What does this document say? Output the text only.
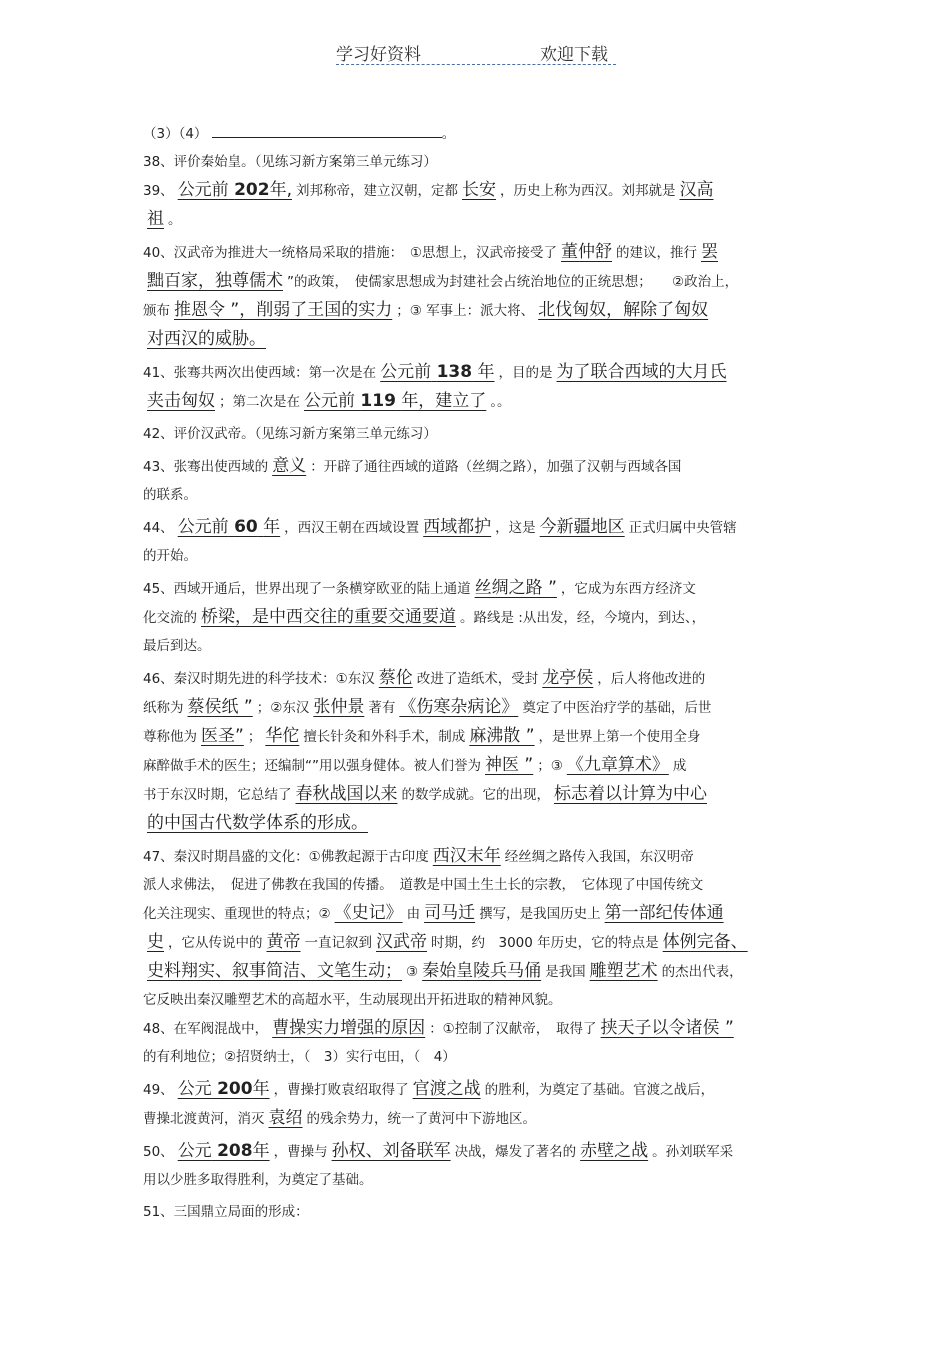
学习好资料	欢迎下载

（3）（4）	。

38、评价秦始皇。（见练习新方案第三单元练习）

39、 公元前 202年, 刘邦称帝，建立汉朝，定都 长安 ，历史上称为西汉。刘邦就是 汉高
祖 。

40、汉武帝为推进大一统格局采取的措施：　①思想上，汉武帝接受了 董仲舒 的建议，推行 罢
黜百家，独尊儒术 ”的政策，　使儒家思想成为封建社会占统治地位的正统思想；　　②政治上，
颁布 推恩令 ”，削弱了王国的实力 ；③ 军事上：派大将、 北伐匈奴，解除了匈奴
对西汉的威胁。

41、张骞共两次出使西域：第一次是在 公元前 138 年 ，目的是 为了联合西域的大月氏
夹击匈奴 ；第二次是在 公元前 119 年，建立了 。。

42、评价汉武帝。（见练习新方案第三单元练习）

43、张骞出使西域的 意义 ：开辟了通往西域的道路（丝绸之路），加强了汉朝与西域各国
的联系。

44、 公元前 60 年 ，西汉王朝在西域设置 西域都护 ，这是 今新疆地区 正式归属中央管辖
的开始。

45、西域开通后，世界出现了一条横穿欧亚的陆上通道 丝绸之路 ” ，它成为东西方经济文
化交流的 桥梁，是中西交往的重要交通要道 。路线是 :从出发，经，今境内，到达、，
最后到达。

46、秦汉时期先进的科学技术：①东汉 蔡伦 改进了造纸术，受封 龙亭侯 ，后人将他改进的
纸称为 蔡侯纸 ” ；②东汉 张仲景 著有 《伤寒杂病论》 奠定了中医治疗学的基础，后世
尊称他为 医圣” ； 华佗 擅长针灸和外科手术，制成 麻沸散 ” ，是世界上第一个使用全身
麻醉做手术的医生；还编制“”用以强身健体。被人们誉为 神医 ” ；③ 《九章算术》 成
书于东汉时期，它总结了 春秋战国以来 的数学成就。它的出现， 标志着以计算为中心
的中国古代数学体系的形成。

47、秦汉时期昌盛的文化：①佛教起源于古印度 西汉末年 经丝绸之路传入我国，东汉明帝
派人求佛法，　促进了佛教在我国的传播。　道教是中国土生土长的宗教，　它体现了中国传统文
化关注现实、重现世的特点；② 《史记》 由 司马迁 撰写，是我国历史上 第一部纪传体通
史 ，它从传说中的 黄帝 一直记叙到 汉武帝 时期，约　3000 年历史，它的特点是 体例完备、
史料翔实、叙事简洁、文笔生动； ③ 秦始皇陵兵马俑 是我国 雕塑艺术 的杰出代表，
它反映出秦汉雕塑艺术的高超水平，生动展现出开拓进取的精神风貌。

48、在军阀混战中， 曹操实力增强的原因 ：①控制了汉献帝，　取得了 挟天子以令诸侯 ”
的有利地位；②招贤纳士，（　3）实行屯田，（　4）

49、 公元 200年 ，曹操打败袁绍取得了 官渡之战 的胜利，为奠定了基础。官渡之战后，
曹操北渡黄河，消灭 袁绍 的残余势力，统一了黄河中下游地区。

50、 公元 208年 ，曹操与 孙权、刘备联军 决战，爆发了著名的 赤壁之战 。孙刘联军采
用以少胜多取得胜利，为奠定了基础。

51、三国鼎立局面的形成：
